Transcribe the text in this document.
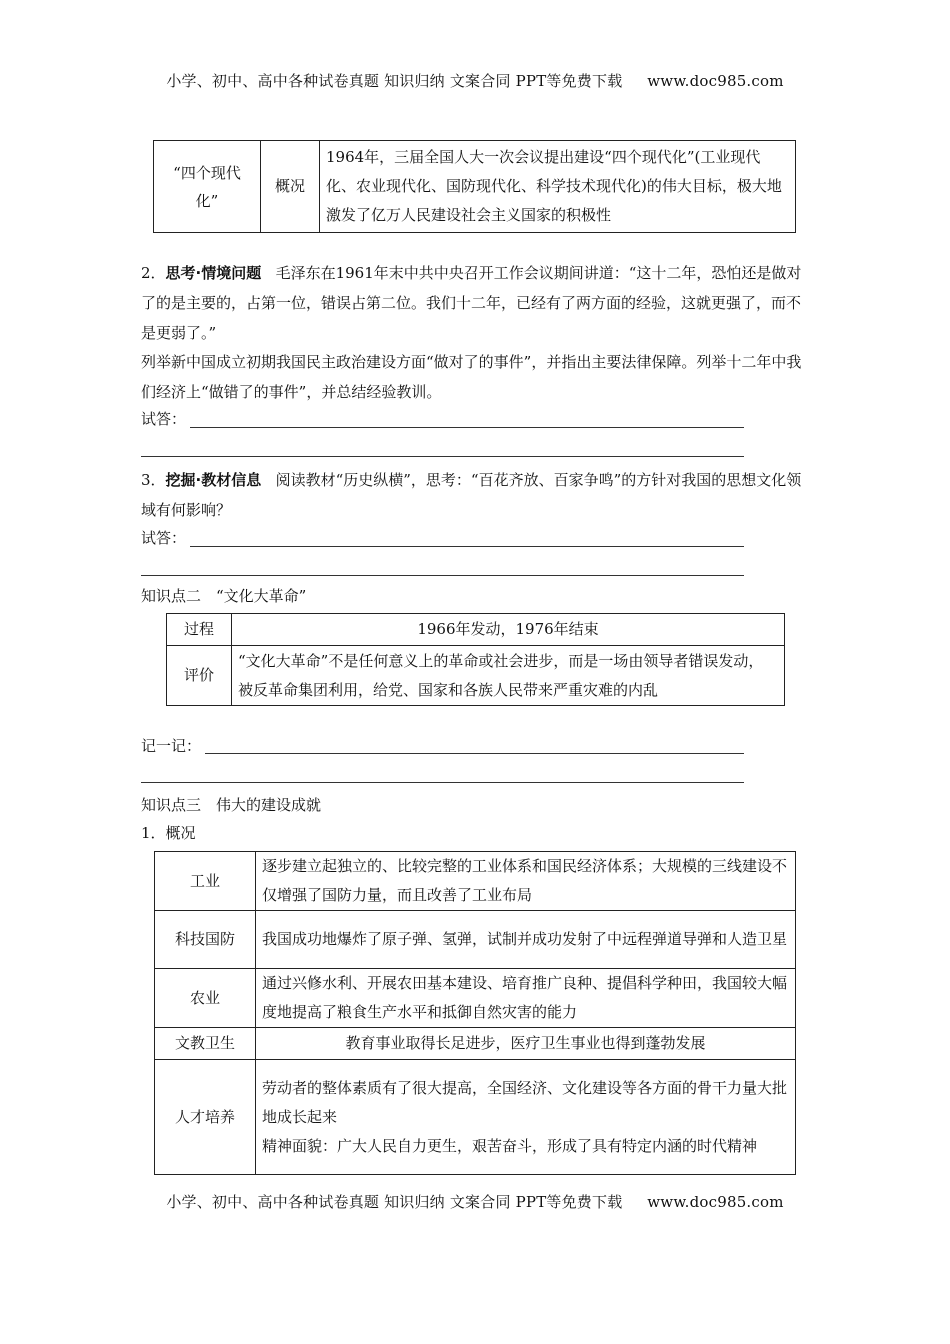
小学、初中、高中各种试卷真题 知识归纳 文案合同 PPT等免费下载 www.doc985.com
“四个现代化”	概况	1964年，三届全国人大一次会议提出建设“四个现代化”(工业现代化、农业现代化、国防现代化、科学技术现代化)的伟大目标，极大地激发了亿万人民建设社会主义国家的积极性
2．思考·情境问题 毛泽东在1961年末中共中央召开工作会议期间讲道：“这十二年，恐怕还是做对了的是主要的，占第一位，错误占第二位。我们十二年，已经有了两方面的经验，这就更强了，而不是更弱了。”
列举新中国成立初期我国民主政治建设方面“做对了的事件”，并指出主要法律保障。列举十二年中我们经济上“做错了的事件”，并总结经验教训。
试答：
3．挖掘·教材信息 阅读教材“历史纵横”，思考：“百花齐放、百家争鸣”的方针对我国的思想文化领域有何影响？
试答：
知识点二　“文化大革命”
过程	1966年发动，1976年结束
评价	“文化大革命”不是任何意义上的革命或社会进步，而是一场由领导者错误发动，被反革命集团利用，给党、国家和各族人民带来严重灾难的内乱
记一记：
知识点三　伟大的建设成就
1．概况
工业	逐步建立起独立的、比较完整的工业体系和国民经济体系；大规模的三线建设不仅增强了国防力量，而且改善了工业布局
科技国防	我国成功地爆炸了原子弹、氢弹，试制并成功发射了中远程弹道导弹和人造卫星
农业	通过兴修水利、开展农田基本建设、培育推广良种、提倡科学种田，我国较大幅度地提高了粮食生产水平和抵御自然灾害的能力
文教卫生	教育事业取得长足进步，医疗卫生事业也得到蓬勃发展
人才培养	劳动者的整体素质有了很大提高，全国经济、文化建设等各方面的骨干力量大批地成长起来
精神面貌：广大人民自力更生，艰苦奋斗，形成了具有特定内涵的时代精神
小学、初中、高中各种试卷真题 知识归纳 文案合同 PPT等免费下载 www.doc985.com
